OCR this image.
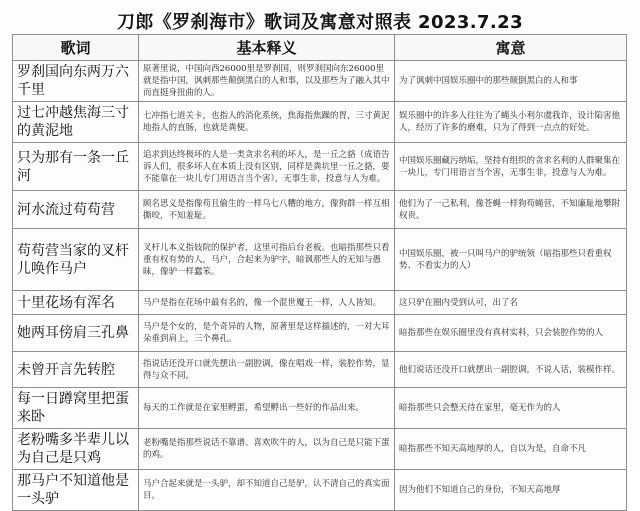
刀郎《罗刹海市》歌词及寓意对照表 2023.7.23
歌词	基本释义	寓意
罗刹国向东两万六千里	原著里说，中国向西26000里是罗刹国，则罗刹国向东26000里就是指中国，讽刺那些颠倒黑白的人和事，以及那些为了融入其中而直挺身扭曲的人。	为了讽刺中国娱乐圈中的那些颠倒黑白的人和事
过七冲越焦海三寸的黄泥地	七冲指七道关卡，也指人的消化系统，焦海指焦躁的胃，三寸黄泥地指人的直肠，也就是粪便。	娱乐圈中的许多人往往为了蝇头小利尔虞我诈，设计陷害他人，经历了许多的磨难，只为了得到一点点的好处。
只为那有一条一丘河	追求到达终极坏的人是一类贪求名利的坏人，是一丘之貉（成语告诉人们，很多坏人在本质上没有区别，同样是粪坑里一丘之貉，要不能靠在一块儿专门用语言当个害），无事生非，投意与人为难。	中国娱乐圈藏污纳垢，坚持有组织的贪求名利的人群聚集在一块儿，专门用语言当个害，无事生非，投意与人为难。
河水流过苟苟营	顾名思义是指像苟且偷生的一样乌七八糟的地方，像狗群一样互相撕咬，不知羞耻。	他们为了一己私利，像苍蝇一样狗苟蝇营，不知廉耻地攀附权贵。
苟苟营当家的叉杆儿唤作马户	叉杆儿本义指妓院的保护者，这里可指后台老板。也暗指那些只看重有权有势的人，马户，合起来为驴字，暗讽那些人的无知与愚昧，像驴一样蠢笨。	中国娱乐圈，被一只叫马户的驴统领（暗指那些只看重权势、不看实力的人）
十里花场有浑名	马户是指在花场中最有名的，像一个混世魔王一样，人人皆知。	这只驴在圈内受到认可，出了名
她两耳傍肩三孔鼻	马户是个女的，是个奇异的人物，原著里是这样描述的，一对大耳朵垂到肩上，三个鼻孔。	暗指那些在娱乐圈里没有真材实料，只会装腔作势的人
未曾开言先转腔	指说话还没开口就先摆出一副腔调，像在唱戏一样，装腔作势，显得与众不同。	他们说话还没开口就摆出一副腔调，不说人话，装模作样。
每一日蹲窝里把蛋来卧	每天的工作就是在家里孵蛋，希望孵出一些好的作品出来。	暗指那些只会整天待在家里，毫无作为的人
老粉嘴多半辈儿以为自己是只鸡	老粉嘴是指那些说话不靠谱、喜欢吹牛的人，以为自己是只能下蛋的鸡。	暗指那些不知天高地厚的人，自以为是，自命不凡
那马户不知道他是一头驴	马户合起来就是一头驴，却不知道自己是驴，认不清自己的真实面目。	因为他们不知道自己的身份，不知天高地厚
